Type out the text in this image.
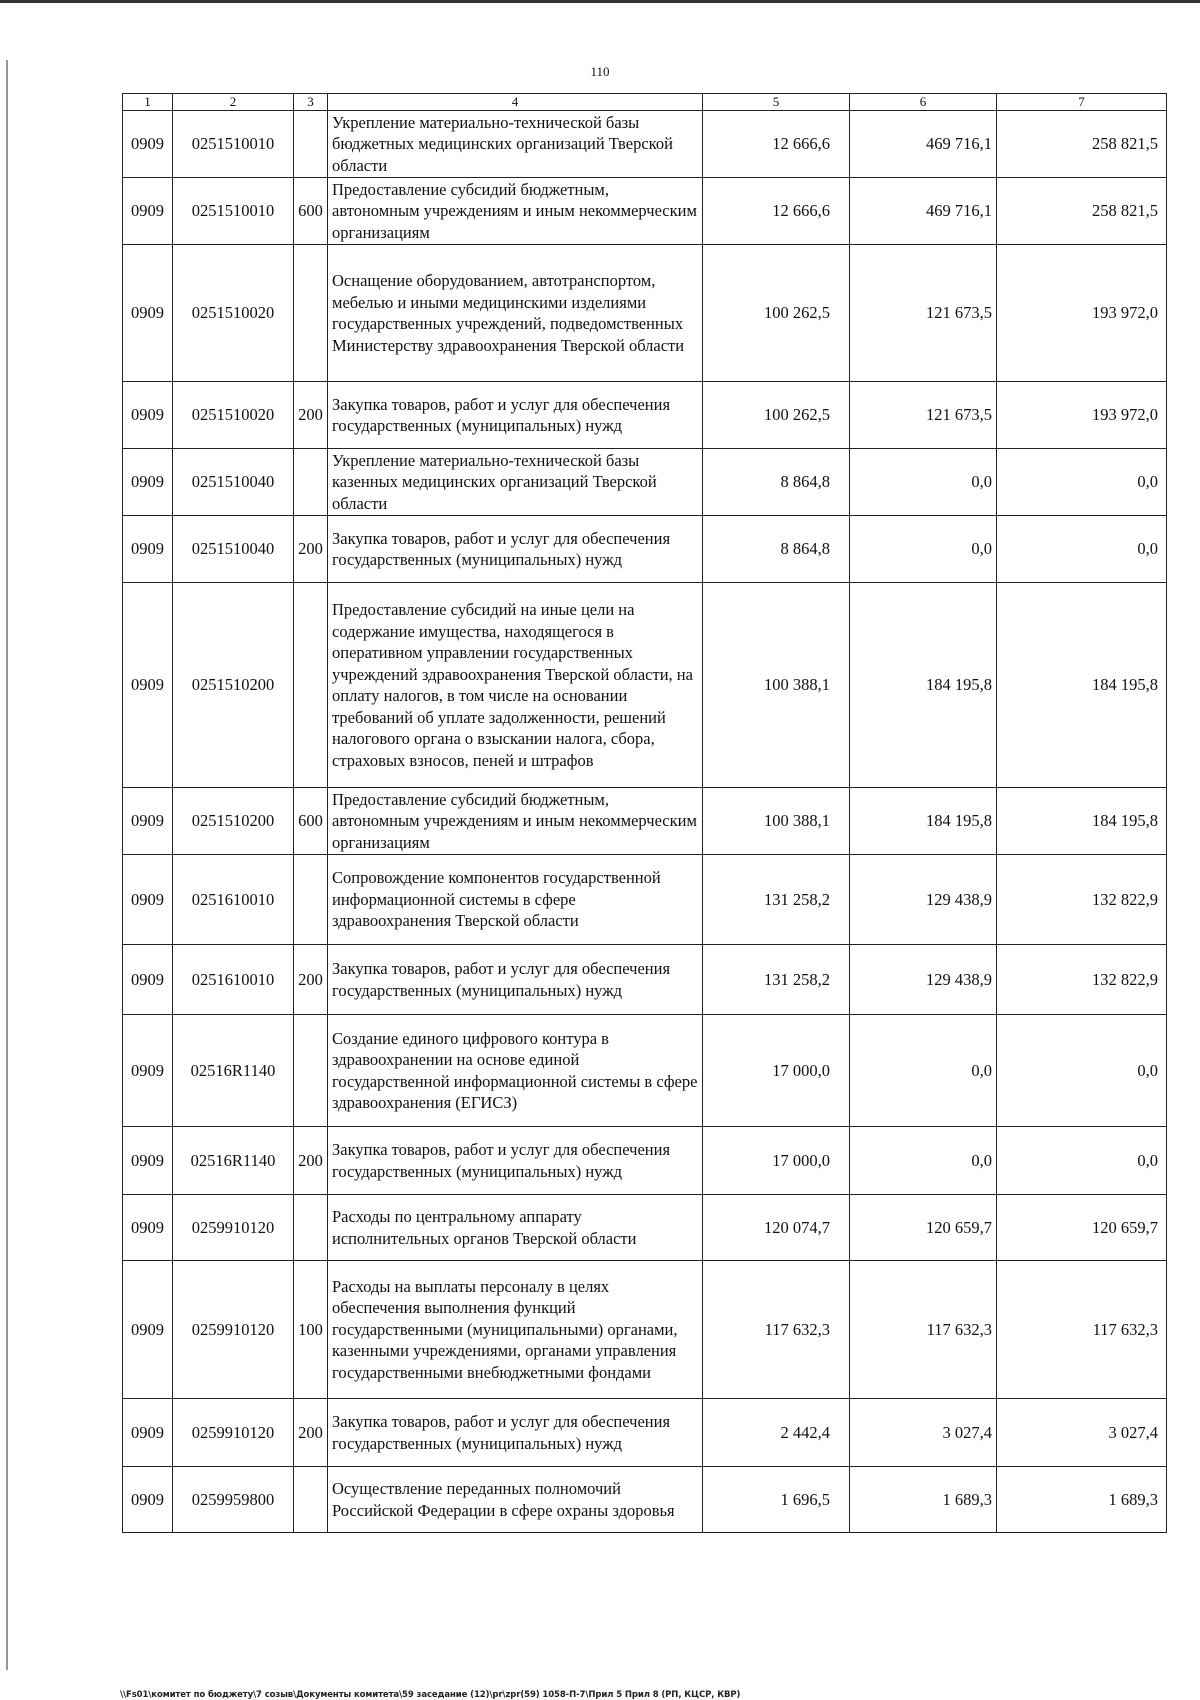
110
1	2	3	4	5	6	7
0909	0251510010		Укрепление материально-технической базы бюджетных медицинских организаций Тверской области	12 666,6	469 716,1	258 821,5
0909	0251510010	600	Предоставление субсидий бюджетным, автономным учреждениям и иным некоммерческим организациям	12 666,6	469 716,1	258 821,5
0909	0251510020		Оснащение оборудованием, автотранспортом, мебелью и иными медицинскими изделиями государственных учреждений, подведомственных Министерству здравоохранения Тверской области	100 262,5	121 673,5	193 972,0
0909	0251510020	200	Закупка товаров, работ и услуг для обеспечения государственных (муниципальных) нужд	100 262,5	121 673,5	193 972,0
0909	0251510040		Укрепление материально-технической базы казенных медицинских организаций Тверской области	8 864,8	0,0	0,0
0909	0251510040	200	Закупка товаров, работ и услуг для обеспечения государственных (муниципальных) нужд	8 864,8	0,0	0,0
0909	0251510200		Предоставление субсидий на иные цели на содержание имущества, находящегося в оперативном управлении государственных учреждений здравоохранения Тверской области, на оплату налогов, в том числе на основании требований об уплате задолженности, решений налогового органа о взыскании налога, сбора, страховых взносов, пеней и штрафов	100 388,1	184 195,8	184 195,8
0909	0251510200	600	Предоставление субсидий бюджетным, автономным учреждениям и иным некоммерческим организациям	100 388,1	184 195,8	184 195,8
0909	0251610010		Сопровождение компонентов государственной информационной системы в сфере здравоохранения Тверской области	131 258,2	129 438,9	132 822,9
0909	0251610010	200	Закупка товаров, работ и услуг для обеспечения государственных (муниципальных) нужд	131 258,2	129 438,9	132 822,9
0909	02516R1140		Создание единого цифрового контура в здравоохранении на основе единой государственной информационной системы в сфере здравоохранения (ЕГИСЗ)	17 000,0	0,0	0,0
0909	02516R1140	200	Закупка товаров, работ и услуг для обеспечения государственных (муниципальных) нужд	17 000,0	0,0	0,0
0909	0259910120		Расходы по центральному аппарату исполнительных органов Тверской области	120 074,7	120 659,7	120 659,7
0909	0259910120	100	Расходы на выплаты персоналу в целях обеспечения выполнения функций государственными (муниципальными) органами, казенными учреждениями, органами управления государственными внебюджетными фондами	117 632,3	117 632,3	117 632,3
0909	0259910120	200	Закупка товаров, работ и услуг для обеспечения государственных (муниципальных) нужд	2 442,4	3 027,4	3 027,4
0909	0259959800		Осуществление переданных полномочий Российской Федерации в сфере охраны здоровья	1 696,5	1 689,3	1 689,3
\\Fs01\комитет по бюджету\7 созыв\Документы комитета\59 заседание (12)\pr\zpr(59) 1058-П-7\Прил 5 Прил 8 (РП, КЦСР, КВР)
